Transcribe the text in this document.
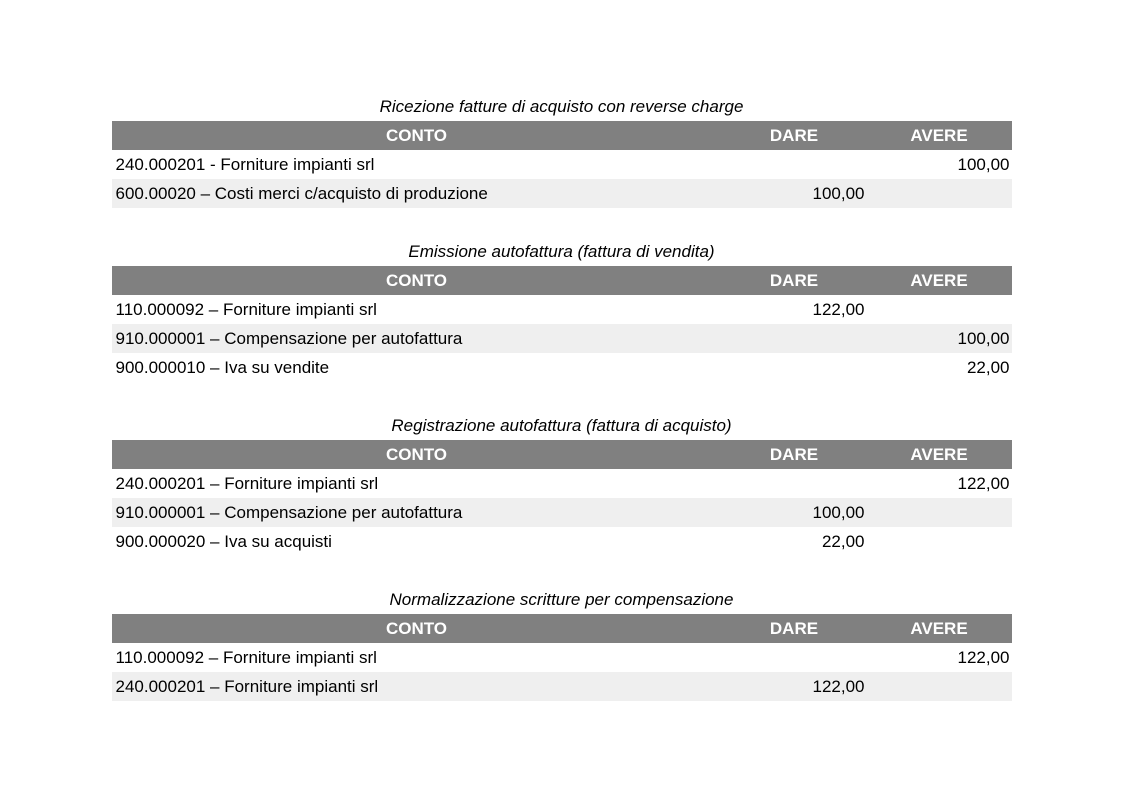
Ricezione fatture di acquisto con reverse charge
CONTO	DARE	AVERE
240.000201 - Forniture impianti srl		100,00
600.00020 – Costi merci c/acquisto di produzione	100,00	
Emissione autofattura (fattura di vendita)
CONTO	DARE	AVERE
110.000092 – Forniture impianti srl	122,00	
910.000001 – Compensazione per autofattura		100,00
900.000010 – Iva su vendite		22,00
Registrazione autofattura (fattura di acquisto)
CONTO	DARE	AVERE
240.000201 – Forniture impianti srl		122,00
910.000001 – Compensazione per autofattura	100,00	
900.000020 – Iva su acquisti	22,00	
Normalizzazione scritture per compensazione
CONTO	DARE	AVERE
110.000092 – Forniture impianti srl		122,00
240.000201 – Forniture impianti srl	122,00	
